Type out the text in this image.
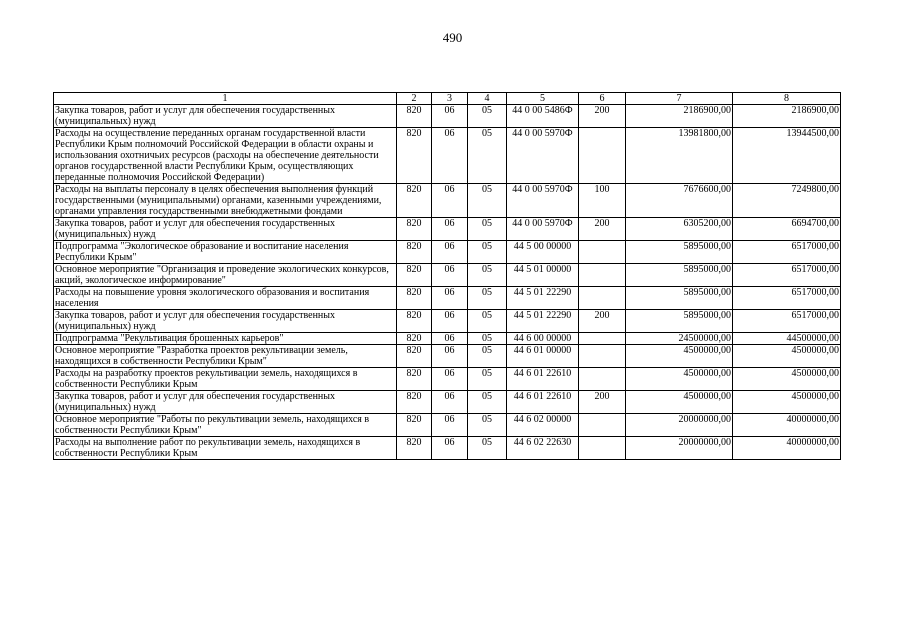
490
1	2	3	4	5	6	7	8
Закупка товаров, работ и услуг для обеспечения государственных (муниципальных) нужд	820	06	05	44 0 00 5486Ф	200	2186900,00	2186900,00
Расходы на осуществление переданных органам государственной власти Республики Крым полномочий Российской Федерации в области охраны и использования охотничьих ресурсов (расходы на обеспечение деятельности органов государственной власти Республики Крым, осуществляющих переданные полномочия Российской Федерации)	820	06	05	44 0 00 5970Ф		13981800,00	13944500,00
Расходы на выплаты персоналу в целях обеспечения выполнения функций государственными (муниципальными) органами, казенными учреждениями, органами управления государственными внебюджетными фондами	820	06	05	44 0 00 5970Ф	100	7676600,00	7249800,00
Закупка товаров, работ и услуг для обеспечения государственных (муниципальных) нужд	820	06	05	44 0 00 5970Ф	200	6305200,00	6694700,00
Подпрограмма "Экологическое образование и воспитание населения Республики Крым"	820	06	05	44 5 00 00000		5895000,00	6517000,00
Основное мероприятие "Организация и проведение экологических конкурсов, акций, экологическое информирование"	820	06	05	44 5 01 00000		5895000,00	6517000,00
Расходы на повышение уровня экологического образования и воспитания населения	820	06	05	44 5 01 22290		5895000,00	6517000,00
Закупка товаров, работ и услуг для обеспечения государственных (муниципальных) нужд	820	06	05	44 5 01 22290	200	5895000,00	6517000,00
Подпрограмма "Рекультивация брошенных карьеров"	820	06	05	44 6 00 00000		24500000,00	44500000,00
Основное мероприятие "Разработка проектов рекультивации земель, находящихся в собственности Республики Крым"	820	06	05	44 6 01 00000		4500000,00	4500000,00
Расходы на разработку проектов рекультивации земель, находящихся в собственности Республики Крым	820	06	05	44 6 01 22610		4500000,00	4500000,00
Закупка товаров, работ и услуг для обеспечения государственных (муниципальных) нужд	820	06	05	44 6 01 22610	200	4500000,00	4500000,00
Основное мероприятие "Работы по рекультивации земель, находящихся в собственности Республики Крым"	820	06	05	44 6 02 00000		20000000,00	40000000,00
Расходы на выполнение работ по рекультивации земель, находящихся в собственности Республики Крым	820	06	05	44 6 02 22630		20000000,00	40000000,00
